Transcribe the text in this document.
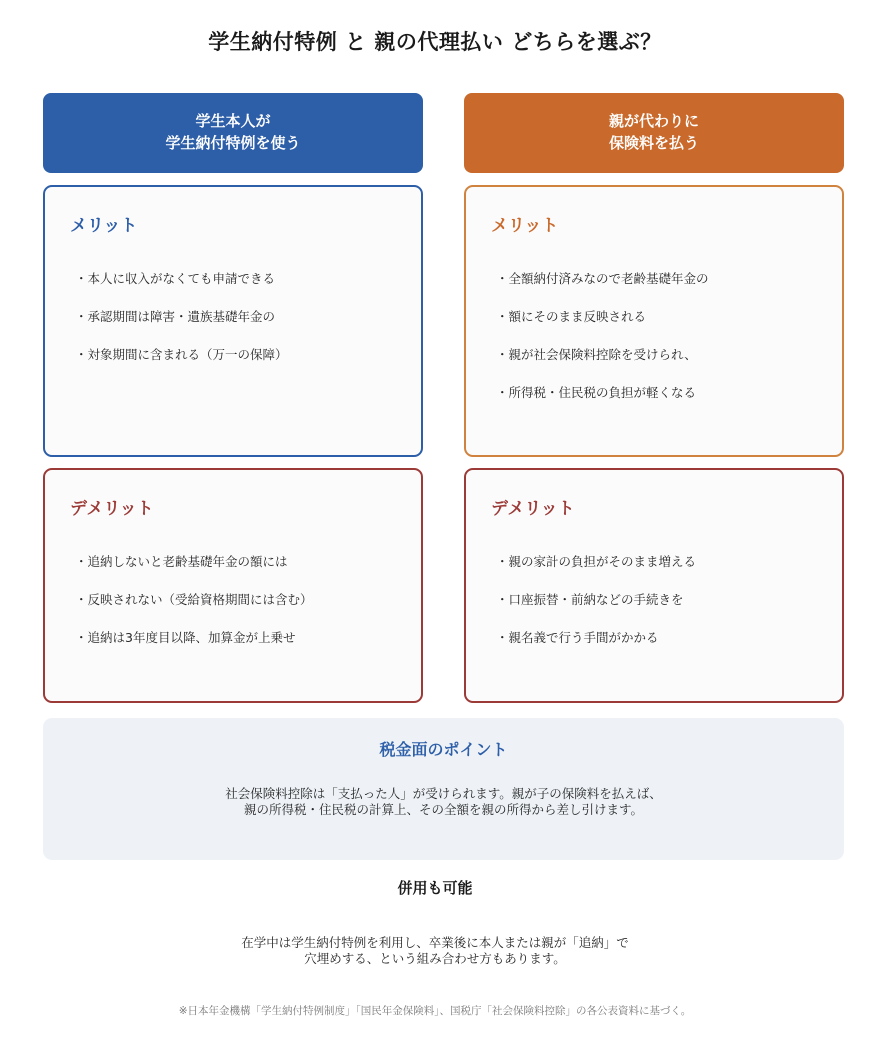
学生納付特例 と 親の代理払い どちらを選ぶ？
学生本人が
学生納付特例を使う
親が代わりに
保険料を払う
メリット
・本人に収入がなくても申請できる
・承認期間は障害・遺族基礎年金の
・対象期間に含まれる（万一の保障）
メリット
・全額納付済みなので老齢基礎年金の
・額にそのまま反映される
・親が社会保険料控除を受けられ、
・所得税・住民税の負担が軽くなる
デメリット
・追納しないと老齢基礎年金の額には
・反映されない（受給資格期間には含む）
・追納は3年度目以降、加算金が上乗せ
デメリット
・親の家計の負担がそのまま増える
・口座振替・前納などの手続きを
・親名義で行う手間がかかる
税金面のポイント
社会保険料控除は「支払った人」が受けられます。親が子の保険料を払えば、
親の所得税・住民税の計算上、その全額を親の所得から差し引けます。
併用も可能
在学中は学生納付特例を利用し、卒業後に本人または親が「追納」で
穴埋めする、という組み合わせ方もあります。
※日本年金機構「学生納付特例制度」「国民年金保険料」、国税庁「社会保険料控除」の各公表資料に基づく。
